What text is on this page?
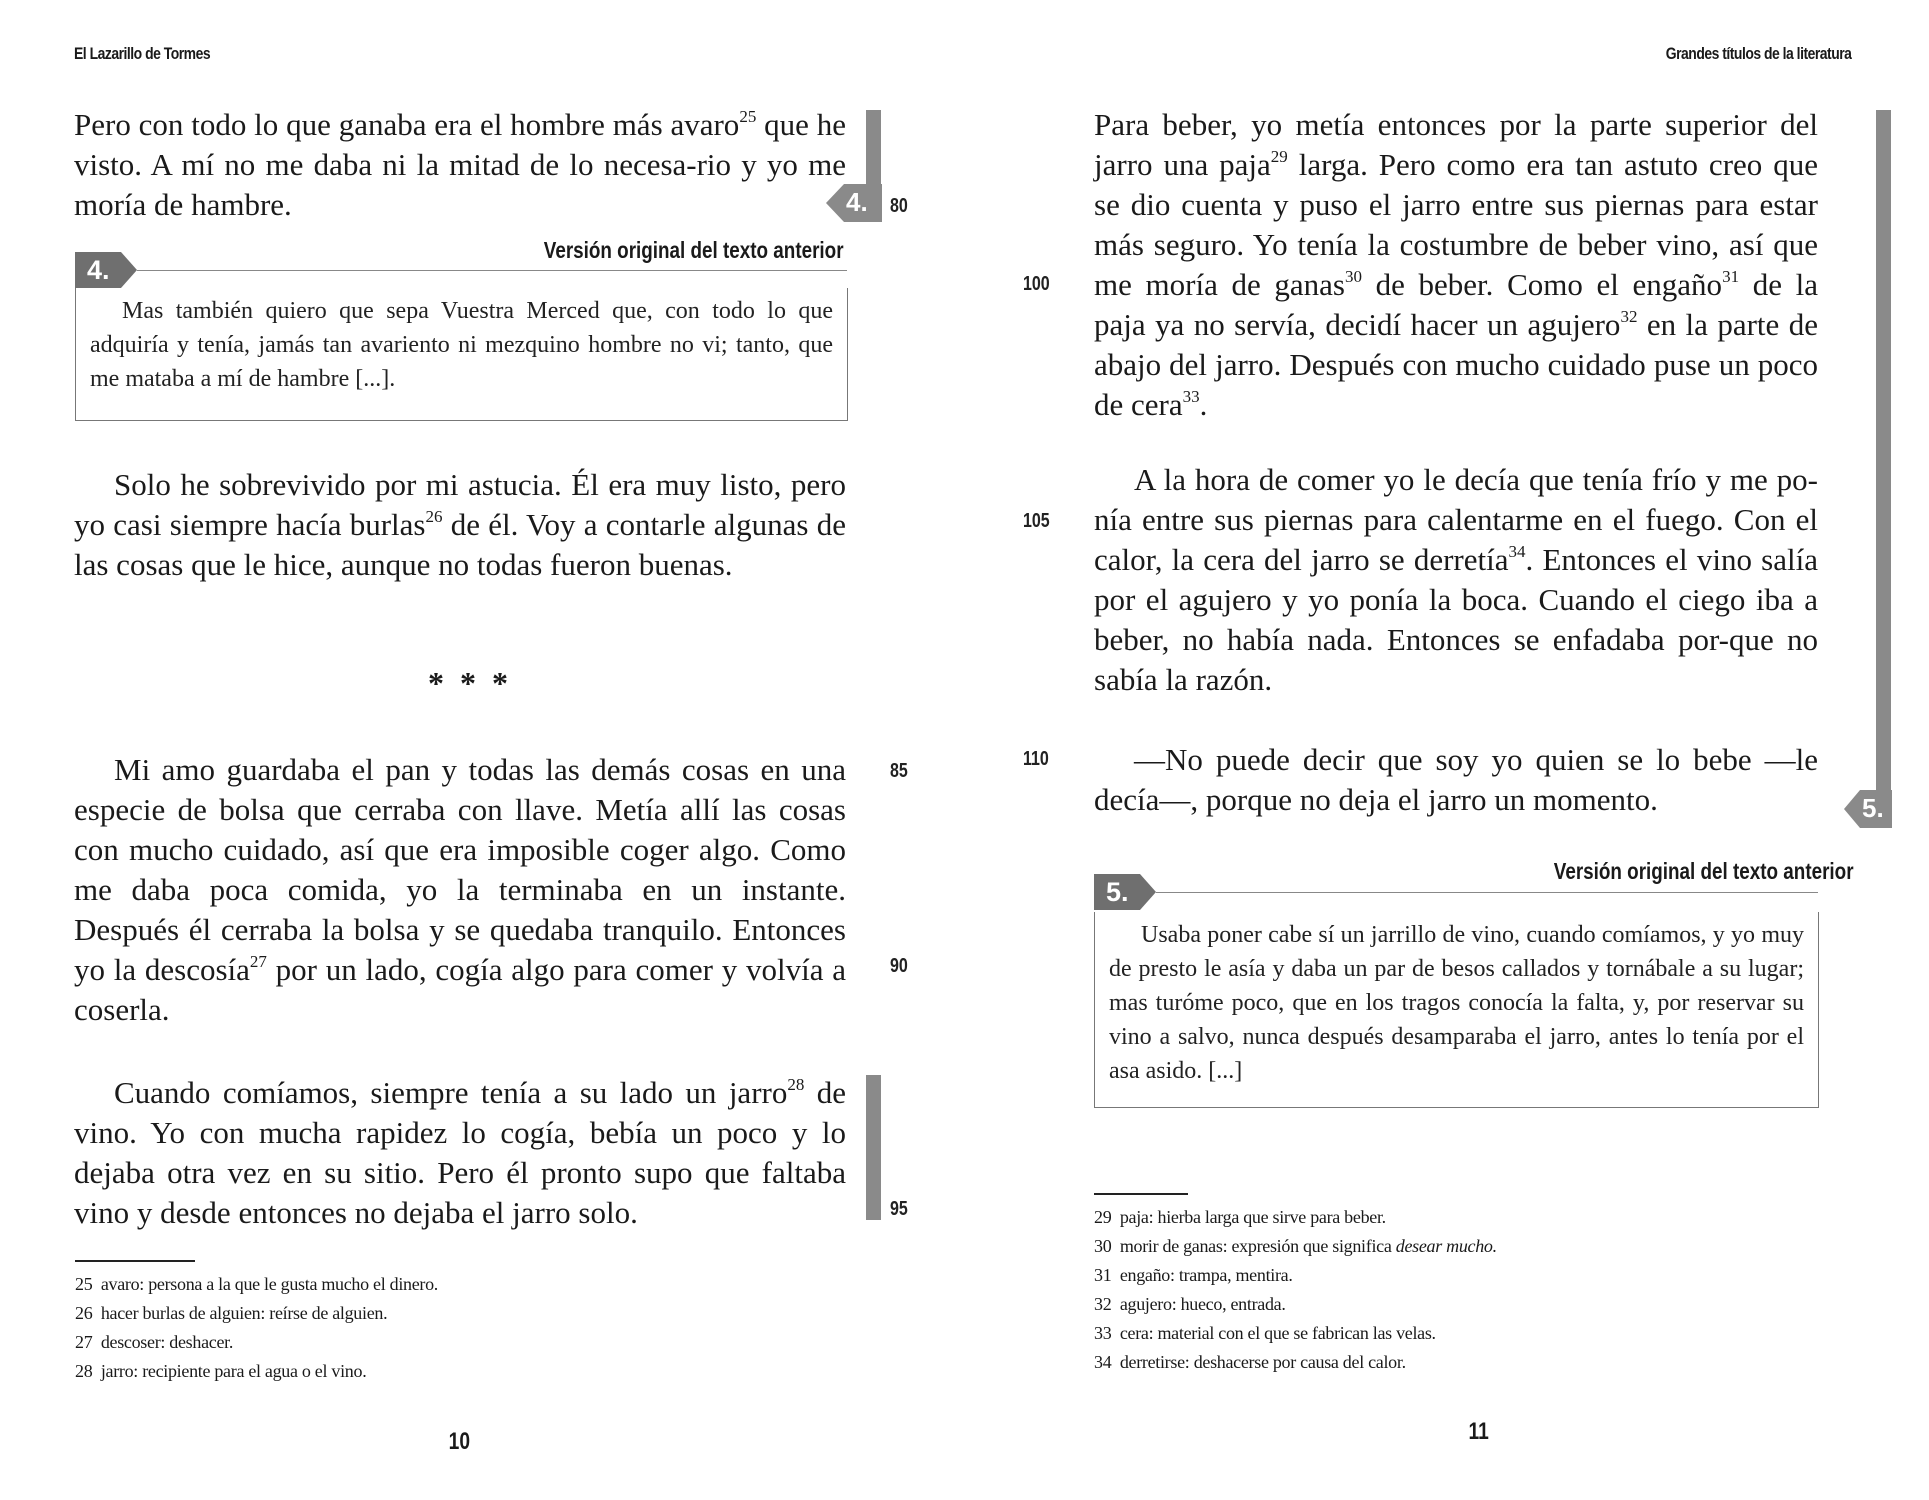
El Lazarillo de Tormes

Pero con todo lo que ganaba era el hombre más avaro$^{25}$ que he visto. A mí no me daba ni la mitad de lo necesa-rio y yo me moría de hambre.	4. 80
Versión original del texto anterior
4.

Mas también quiero que sepa Vuestra Merced que, con todo lo que adquiría y tenía, jamás tan avariento ni mezquino hombre no vi; tanto, que me mataba a mí de hambre [...].

Solo he sobrevivido por mi astucia. Él era muy listo, pero yo casi siempre hacía burlas$^{26}$ de él. Voy a contarle algunas de las cosas que le hice, aunque no todas fueron buenas.

* * *

Mi amo guardaba el pan y todas las demás cosas en una especie de bolsa que cerraba con llave. Metía allí las cosas con mucho cuidado, así que era imposible coger algo. Como me daba poca comida, yo la terminaba en un instante. Después él cerraba la bolsa y se quedaba tranquilo. Entonces yo la descosía$^{27}$ por un lado, cogía algo para comer y volvía a coserla.

85
90

Cuando comíamos, siempre tenía a su lado un jarro$^{28}$ de vino. Yo con mucha rapidez lo cogía, bebía un poco y lo dejaba otra vez en su sitio. Pero él pronto supo que faltaba vino y desde entonces no dejaba el jarro solo.	95
25 avaro: persona a la que le gusta mucho el dinero.
26 hacer burlas de alguien: reírse de alguien.
27 descoser: deshacer.
28 jarro: recipiente para el agua o el vino.
10
Grandes títulos de la literatura

Para beber, yo metía entonces por la parte superior del jarro una paja$^{29}$ larga. Pero como era tan astuto creo que se dio cuenta y puso el jarro entre sus piernas para estar más seguro. Yo tenía la costumbre de beber vino, así que me moría de ganas$^{30}$ de beber. Como el engaño$^{31}$ de la paja ya no servía, decidí hacer un agujero$^{32}$ en la parte de abajo del jarro. Después con mucho cuidado puse un poco de cera$^{33}$.

100

A la hora de comer yo le decía que tenía frío y me po-nía entre sus piernas para calentarme en el fuego. Con el calor, la cera del jarro se derretía$^{34}$. Entonces el vino salía por el agujero y yo ponía la boca. Cuando el ciego iba a beber, no había nada. Entonces se enfadaba por-que no sabía la razón.

105

—No puede decir que soy yo quien se lo bebe —le decía—, porque no deja el jarro un momento.

110
5.
Versión original del texto anterior
5.

Usaba poner cabe sí un jarrillo de vino, cuando comíamos, y yo muy de presto le asía y daba un par de besos callados y tornábale a su lugar; mas turóme poco, que en los tragos conocía la falta, y, por reservar su vino a salvo, nunca después desamparaba el jarro, antes lo tenía por el asa asido. [...]

29 paja: hierba larga que sirve para beber.
30 morir de ganas: expresión que significa desear mucho.
31 engaño: trampa, mentira.
32 agujero: hueco, entrada.
33 cera: material con el que se fabrican las velas.
34 derretirse: deshacerse por causa del calor.
11
